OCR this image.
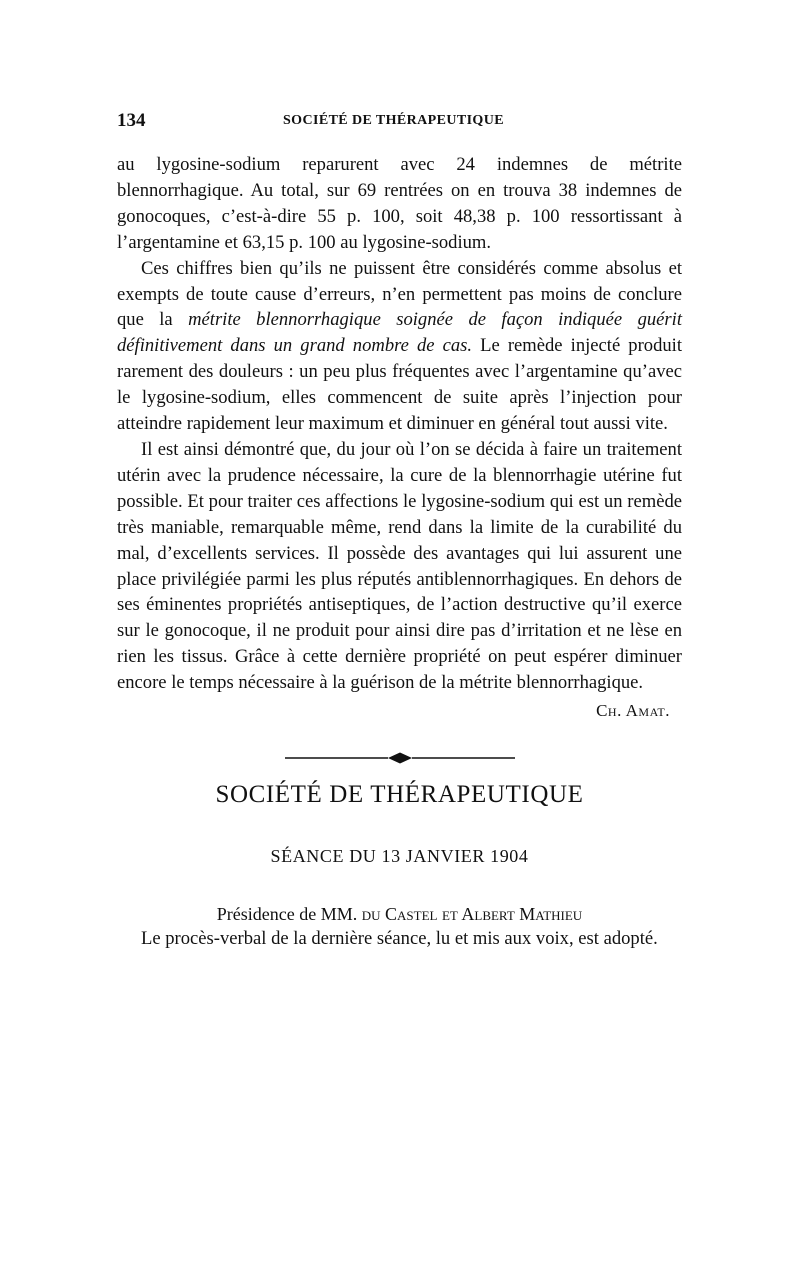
134	SOCIÉTÉ DE THÉRAPEUTIQUE

au lygosine-sodium reparurent avec 24 indemnes de métrite blennorrhagique. Au total, sur 69 rentrées on en trouva 38 indemnes de gonocoques, c’est-à-dire 55 p. 100, soit 48,38 p. 100 ressortissant à l’argentamine et 63,15 p. 100 au lygosine-sodium.

Ces chiffres bien qu’ils ne puissent être considérés comme absolus et exempts de toute cause d’erreurs, n’en permettent pas moins de conclure que la métrite blennorrhagique soignée de façon indiquée guérit définitivement dans un grand nombre de cas. Le remède injecté produit rarement des douleurs : un peu plus fréquentes avec l’argentamine qu’avec le lygosine-sodium, elles commencent de suite après l’injection pour atteindre rapidement leur maximum et diminuer en général tout aussi vite.

Il est ainsi démontré que, du jour où l’on se décida à faire un traitement utérin avec la prudence nécessaire, la cure de la blennorrhagie utérine fut possible. Et pour traiter ces affections le lygosine-sodium qui est un remède très maniable, remarquable même, rend dans la limite de la curabilité du mal, d’excellents services. Il possède des avantages qui lui assurent une place privilégiée parmi les plus réputés antiblennorrhagiques. En dehors de ses éminentes propriétés antiseptiques, de l’action destructive qu’il exerce sur le gonocoque, il ne produit pour ainsi dire pas d’irritation et ne lèse en rien les tissus. Grâce à cette dernière propriété on peut espérer diminuer encore le temps nécessaire à la guérison de la métrite blennorrhagique.

Ch. Amat.
SOCIÉTÉ DE THÉRAPEUTIQUE
SÉANCE DU 13 JANVIER 1904
Présidence de MM. du Castel et Albert Mathieu

Le procès-verbal de la dernière séance, lu et mis aux voix, est adopté.
